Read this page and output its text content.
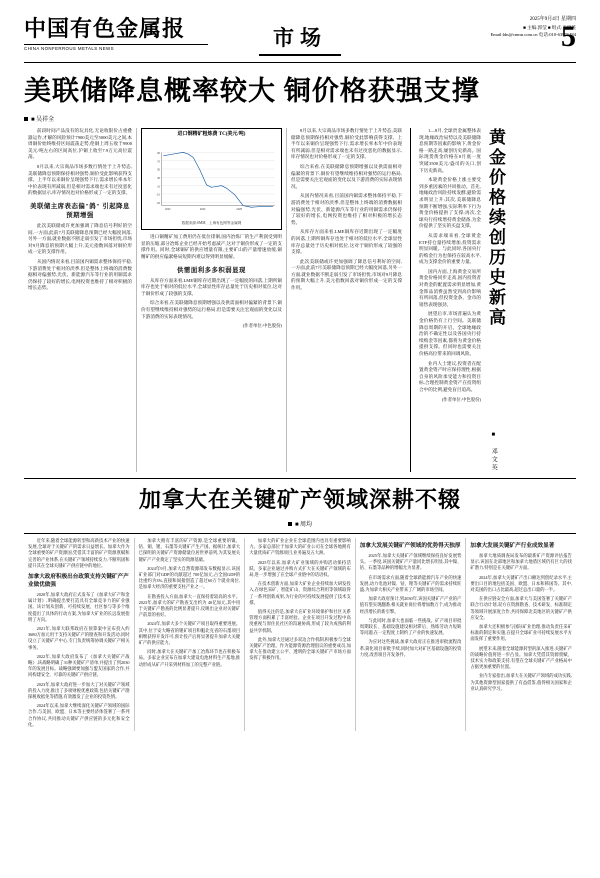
中国有色金属报
CHINA NONFERROUS METALS NEWS	市场
2025年9月4日 星期四
■ 主编:郭莹 ■ 组式:王家英
Email:ldn@cnmn.com.cn 电话:010-63971484
5
美联储降息概率较大 铜价格获强支撑
■ 吴祥全

前段时间产品没有的玩具化,无论收银价占重叠器运作,才解的风险预计7900美元至5000美元之间,本周铜价始终维持区间震荡走势,伦铜上周五收于9900美元/吨左右的区间高位,沪铜上收至7.9万元高位震荡。

8月以来,大宗商品市场多数行情处于上升势态,美联储降息预期保持相对强势,铜价受此影响获得支撑。上半年以来铜价呈现强势下行,需求增长率本年中价表现有所减弱,但是相对需求端也未有过度恶化的数据显示,库存情况也对价格形成了一定的支撑。

美联储主席表态偏"鸽" 引起降息预期增强

此次美联储或许更加强调了降息信号利好的空间,一方面,此前7月美联储降息预期已经大幅度回落,另外一方面,就业数据不断走弱引发了市场担忧,市场对9月降息的预期大幅上升,美元指数回落对铜价形成一定的支撑作用。

从国内情况来看,目前国内铜需求整体保持平稳,下游消费处于相对的淡季,但是整体上终端的消费数据相对偏强势,光伏、新能源汽车等行业的用铜需求仍保持了较好的增长,电网投资也维持了相对积极的增长态势。

进口铜精矿粗炼费 TC(美元/吨)
90
70
50
30
10
-10
-30
2023	2024	2025
数据来源:SMM、上海有色网等金属网

进口铜精矿加工费用仍在低位徘徊,国内冶炼厂的生产利润受到明显的压缩,部分冶炼企业已经开始考虑减产,这对于铜价形成了一定的支撑作用。同时,全球铜矿的供应增量有限,主要矿山的产量增速放缓,铜精矿的供应偏紧格局短期内难以得到明显缓解。

供需面利多多积弱显现

从库存方面来看,LME铜库存近期出现了一定幅度的回落,上期所铜库存也处于相对的低位水平,全球显性库存总量处于历史相对低位,这对于铜价形成了较强的支撑。

综合来看,在美联储降息预期增强以及供需面相对偏紧的背景下,铜价有望继续维持相对强势的运行格局,但是需要关注宏观面的变化以及下游消费的实际表现情况。

(作者单位:中色股份)

8月以来,大宗商品市场多数行情处于上升势态,美联储降息预期保持相对强势,铜价受此影响获得支撑。上半年以来铜价呈现强势下行,需求增长率本年中价表现有所减弱,但是相对需求端也未有过度恶化的数据显示,库存情况也对价格形成了一定的支撑。

综合来看,在美联储降息预期增强以及供需面相对偏紧的背景下,铜价有望继续维持相对强势的运行格局,但是需要关注宏观面的变化以及下游消费的实际表现情况。

从国内情况来看,目前国内铜需求整体保持平稳,下游消费处于相对的淡季,但是整体上终端的消费数据相对偏强势,光伏、新能源汽车等行业的用铜需求仍保持了较好的增长,电网投资也维持了相对积极的增长态势。

从库存方面来看,LME铜库存近期出现了一定幅度的回落,上期所铜库存也处于相对的低位水平,全球显性库存总量处于历史相对低位,这对于铜价形成了较强的支撑。

此次美联储或许更加强调了降息信号利好的空间,一方面,此前7月美联储降息预期已经大幅度回落,另外一方面,就业数据不断走弱引发了市场担忧,市场对9月降息的预期大幅上升,美元指数回落对铜价形成一定的支撑作用。

1—8月,全球贵金属整体表现,地缘政治局势以及美联储降息预期等因素的影响下,黄金价格一路走高,屡创历史新高。国际现货黄金价格在8月底一度突破3500美元/盎司的关口,创下历史新高。

本轮黄金价格上涨主要受到多重因素的共同推动。首先,地缘政治风险持续发酵,避险需求明显上升;其次,美联储降息预期不断增强,实际利率下行为黄金价格提供了支撑;再次,全球央行持续增持黄金储备,为金价提供了坚实的买盘支撑。

从需求端来看,全球黄金ETF持仓量持续增加,投资需求明显回暖。与此同时,各国央行的购金行为也保持在较高水平,成为支撑金价的重要力量。

国内方面,上海黄金交易所黄金价格同步走高,国内投资者对黄金的配置需求明显增加,黄金饰品消费虽然受到高价影响有所回落,但投资金条、金币的销售表现强劲。

展望后市,市场普遍认为黄金价格仍有上行空间。美联储降息周期的开启、全球地缘政治的不确定性以及各国央行持续购金等因素,都将为黄金价格提供支撑。但同时也需要关注价格高位带来的回调风险。

业内人士建议,投资者在配置黄金资产时应保持理性,根据自身的风险承受能力和投资目标,合理控制黄金资产在投资组合中的比例,避免盲目追高。

(作者单位:中色股份)
黄金价格续创历史新高
■ 邓文英
加拿大在关键矿产领域深耕不辍
■ 周均

近年来,随着全球能源转型和高新技术产业的快速发展,全球对于关键矿产的需求日益增长。加拿大作为全球重要的矿产资源国,凭借其丰富的矿产资源禀赋和完善的产业体系,在关键矿产领域持续发力,不断巩固和提升其在全球关键矿产供应链中的地位。

加拿大政府积极出台政策支持关键矿产产业做优做强

2020年,加拿大政府正式发布了《加拿大矿产和金属计划》,明确提出要打造具有全球竞争力的矿业强国。该计划从创新、可持续发展、社区参与等多个维度提出了具体的行动方案,为加拿大矿业的长远发展指明了方向。

2021年,加拿大联邦政府在预算案中宣布投入约 3680万加元用于支持关键矿产的勘查和开发活动,同时设立了关键矿产中心,专门负责统筹协调关键矿产相关事务。

2022年,加拿大政府发布了《加拿大关键矿产战略》,该战略明确了31种关键矿产清单,并提出了到2030年的发展目标。战略强调要加强与盟友国家的合作,共同构建安全、可靠的关键矿产供应链。

2023年,加拿大政府进一步加大了对关键矿产领域的投入力度,推出了多项财税优惠政策,包括关键矿产勘探税收抵免等措施,有效激发了企业的投资热情。

2024年以来,加拿大继续深化关键矿产领域的国际合作,与美国、欧盟、日本等主要经济体签署了一系列合作协议,共同推动关键矿产供应链的多元化和安全化。

加拿大拥有丰富的矿产资源,是全球重要的镍、钴、铜、锂、石墨等关键矿产生产国。据统计,加拿大已探明的关键矿产资源储量位居世界前列,为其发展关键矿产产业奠定了坚实的资源基础。

2024年9月,加拿大自然资源部发布数据显示,该国矿业部门对GDP的贡献超过 700亿加元,占全国GDP的比重约为3%,直接和间接创造了超过60万个就业岗位,是加拿大经济的重要支柱产业之一。

在勘查投入方面,加拿大一直保持着较高的水平。2023年,加拿大的矿产勘查支出约为 40亿加元,其中用于关键矿产勘查的比例显著提升,反映出企业对关键矿产前景的看好。

2024年,加拿大多个关键矿产项目取得重要进展。其中,位于安大略省的锂矿项目和魁北克省的石墨项目相继获得开发许可,预计投产后将显著提升加拿大关键矿产的供应能力。

同时,加拿大在关键矿产加工冶炼环节也在积极布局。多家企业宣布在加拿大建设电池材料生产基地,推动形成从矿产开采到材料加工的完整产业链。

加拿大的矿业企业在全球范围内也具有重要影响力。多家总部位于加拿大的矿业公司在全球各地拥有大量优质矿产资源项目,业务遍及五大洲。

2025年以来,加拿大矿业领域的并购活动保持活跃。多家企业通过并购方式扩大在关键矿产领域的布局,进一步增强了在全球产业链中的话语权。

在技术创新方面,加拿大矿业企业持续加大研发投入,在绿色采矿、智能矿山、资源综合利用等领域取得了一系列创新成果,为行业的可持续发展提供了技术支撑。

值得关注的是,加拿大在矿业环境保护和社区关系管理方面积累了丰富经验。企业在项目开发过程中高度重视与原住民社区的沟通协商,形成了较为成熟的利益共享机制。

此外,加拿大还通过多双边合作机制,积极参与全球关键矿产治理。作为能源资源治理倡议的重要成员,加拿大在推动建立公平、透明的全球关键矿产市场方面发挥了积极作用。

加拿大发展关键矿产领域的优势得天独厚

2025年,加拿大关键矿产领域继续保持良好发展势头。一季度,该国关键矿产产量同比增长明显,其中镍、钴、石墨等品种的增幅尤为显著。

在市场需求方面,随着全球新能源汽车产业的快速发展,动力电池对镍、钴、锂等关键矿产的需求持续旺盛,为加拿大相关产业带来了广阔的市场空间。

加拿大政府预计,到2030年,该国关键矿产产业的产值有望实现翻番,相关就业岗位将增加数万个,成为推动经济增长的新引擎。

与此同时,加拿大也面临一些挑战。矿产项目审批周期较长、基础设施建设相对滞后、熟练劳动力短缺等问题,在一定程度上制约了产业的快速发展。

为应对这些挑战,加拿大政府正在推进审批流程改革,简化项目审批手续,同时加大对矿区基础设施的投资力度,改善项目开发条件。

加拿大发展关键矿产行业成效显著

加拿大地质调查局发布的最新矿产资源评估报告显示,该国在北部地区和加拿大地盾区域仍有巨大的找矿潜力,特别是在关键矿产方面。

2024年,加拿大关键矿产出口额达到创纪录水平,主要出口目的地包括美国、欧盟、日本和韩国等。其中,对美国的出口占比最高,超过总出口量的一半。

在供应链安全方面,加拿大与美国签署了关键矿产联合行动计划,双方在资源勘查、技术研发、标准制定等领域开展深度合作,共同保障北美地区的关键矿产供应安全。

加拿大还积极参与国际矿业治理,推动负责任采矿标准的制定和实施,在提升全球矿业可持续发展水平方面发挥了重要作用。

展望未来,随着全球能源转型的深入推进,关键矿产的战略价值将进一步凸显。加拿大凭借其资源禀赋、技术实力和政策支持,有望在全球关键矿产产业格局中占据更加重要的位置。

业内专家指出,加拿大在关键矿产领域的成功实践,为其他资源型国家提供了有益借鉴,值得相关国家和企业认真研究学习。
